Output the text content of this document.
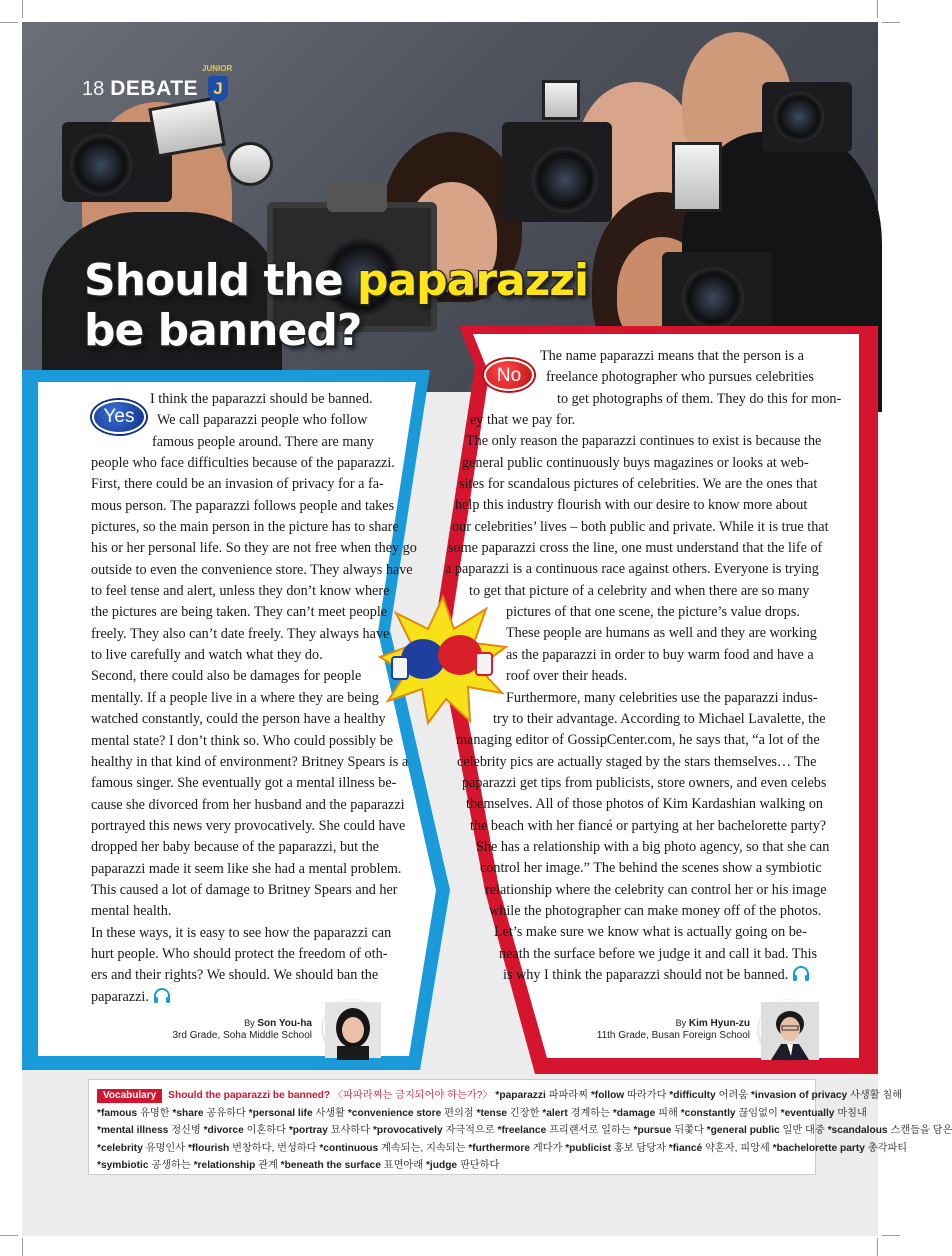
18 DEBATE
JUNIOR
J
Should the paparazzi
be banned?
Yes
I think the paparazzi should be banned.
We call paparazzi people who follow
famous people around. There are many
people who face difficulties because of the paparazzi.
First, there could be an invasion of privacy for a fa-
mous person. The paparazzi follows people and takes
pictures, so the main person in the picture has to share
his or her personal life. So they are not free when they go
outside to even the convenience store. They always have
to feel tense and alert, unless they don’t know where
the pictures are being taken. They can’t meet people
freely. They also can’t date freely. They always have
to live carefully and watch what they do.
Second, there could also be damages for people
mentally. If a people live in a where they are being
watched constantly, could the person have a healthy
mental state? I don’t think so. Who could possibly be
healthy in that kind of environment? Britney Spears is a
famous singer. She eventually got a mental illness be-
cause she divorced from her husband and the paparazzi
portrayed this news very provocatively. She could have
dropped her baby because of the paparazzi, but the
paparazzi made it seem like she had a mental problem.
This caused a lot of damage to Britney Spears and her
mental health.
In these ways, it is easy to see how the paparazzi can
hurt people. Who should protect the freedom of oth-
ers and their rights? We should. We should ban the
paparazzi.
No
The name paparazzi means that the person is a
freelance photographer who pursues celebrities
to get photographs of them. They do this for mon-
ey that we pay for.
The only reason the paparazzi continues to exist is because the
general public continuously buys magazines or looks at web-
sites for scandalous pictures of celebrities. We are the ones that
help this industry flourish with our desire to know more about
our celebrities’ lives – both public and private. While it is true that
some paparazzi cross the line, one must understand that the life of
a paparazzi is a continuous race against others. Everyone is trying
to get that picture of a celebrity and when there are so many
pictures of that one scene, the picture’s value drops.
These people are humans as well and they are working
as the paparazzi in order to buy warm food and have a
roof over their heads.
Furthermore, many celebrities use the paparazzi indus-
try to their advantage. According to Michael Lavalette, the
managing editor of GossipCenter.com, he says that, “a lot of the
celebrity pics are actually staged by the stars themselves… The
paparazzi get tips from publicists, store owners, and even celebs
themselves. All of those photos of Kim Kardashian walking on
the beach with her fiancé or partying at her bachelorette party?
She has a relationship with a big photo agency, so that she can
control her image.” The behind the scenes show a symbiotic
relationship where the celebrity can control her or his image
while the photographer can make money off of the photos.
Let’s make sure we know what is actually going on be-
neath the surface before we judge it and call it bad. This
is why I think the paparazzi should not be banned.
By Son You-ha
3rd Grade, Soha Middle School
By Kim Hyun-zu
11th Grade, Busan Foreign School
Vocabulary Should the paparazzi be banned? 〈파파라찌는 금지되어야 하는가?〉 *paparazzi 파파라찌 *follow 따라가다 *difficulty 어려움 *invasion of privacy 사생활 침해
*famous 유명한 *share 공유하다 *personal life 사생활 *convenience store 편의점 *tense 긴장한 *alert 경계하는 *damage 피해 *constantly 끊임없이 *eventually 마침내
*mental illness 정신병 *divorce 이혼하다 *portray 묘사하다 *provocatively 자극적으로 *freelance 프리랜서로 일하는 *pursue 뒤쫓다 *general public 일반 대중 *scandalous 스캔들을 담은
*celebrity 유명인사 *flourish 번창하다, 번성하다 *continuous 계속되는, 지속되는 *furthermore 게다가 *publicist 홍보 담당자 *fiancé 약혼자, 피앙세 *bachelorette party 총각파티
*symbiotic 공생하는 *relationship 관계 *beneath the surface 표면아래 *judge 판단하다
